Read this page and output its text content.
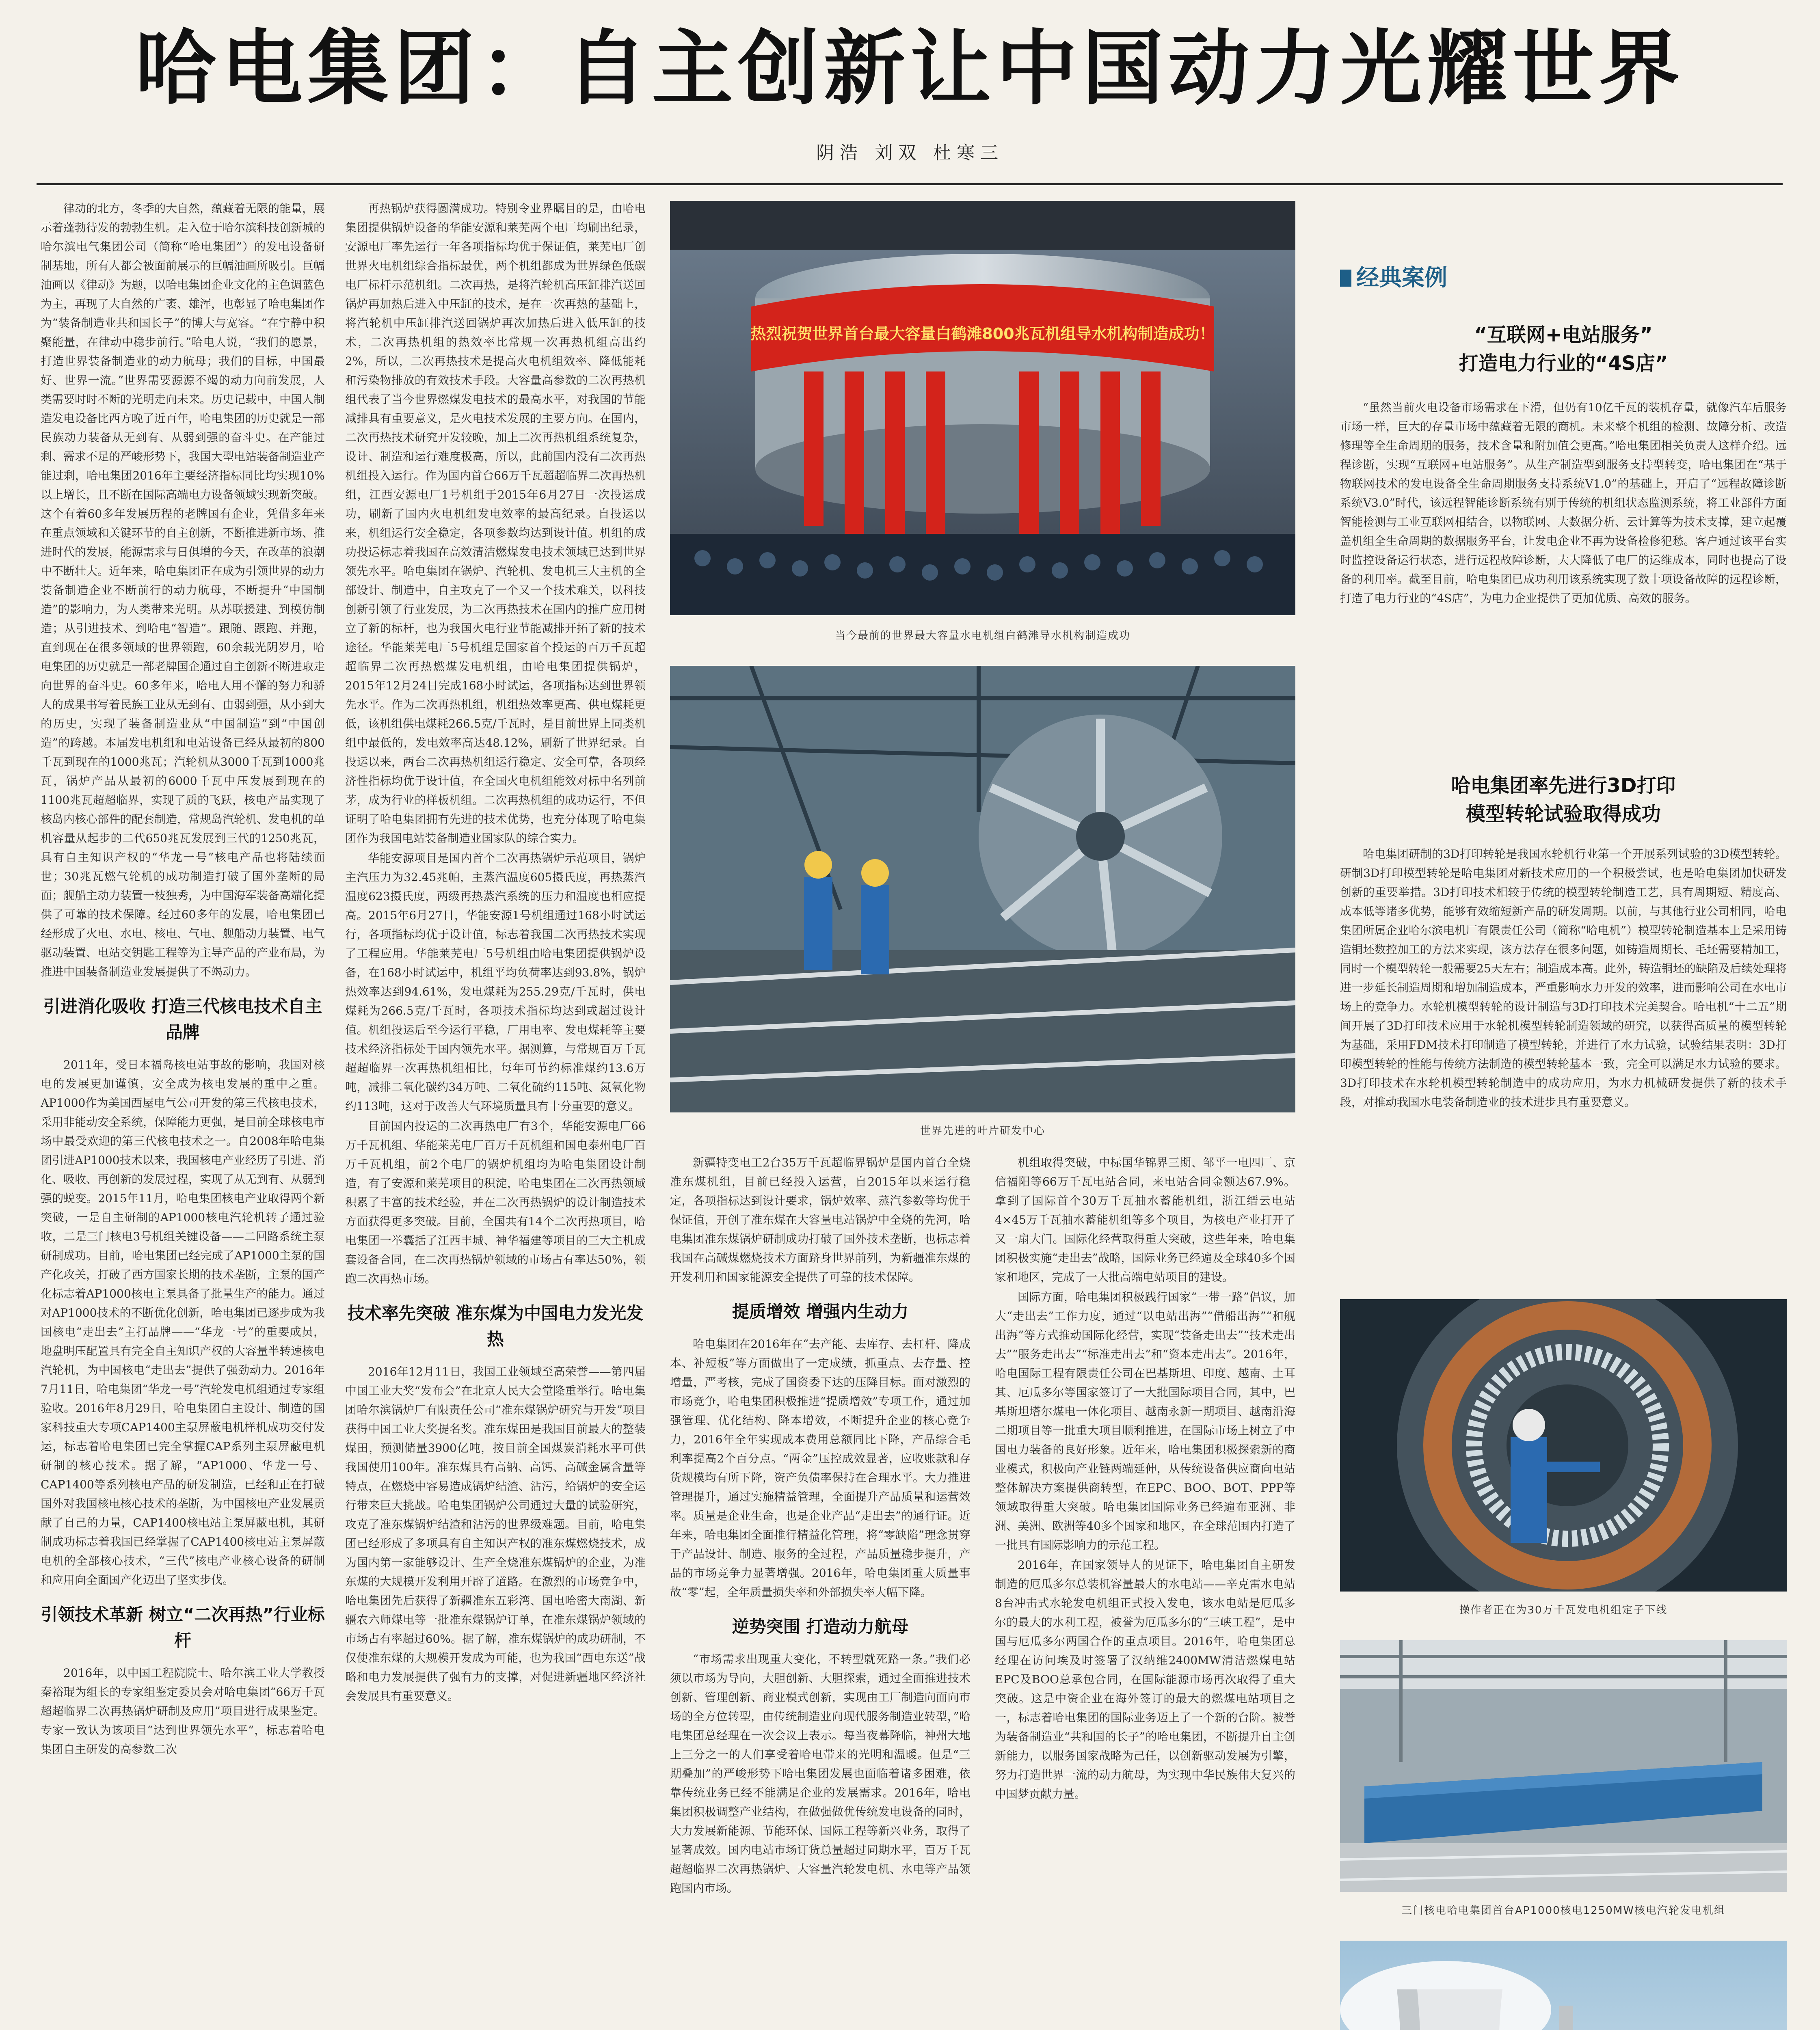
哈电集团：自主创新让中国动力光耀世界
阴浩 刘双 杜寒三

律动的北方，冬季的大自然，蕴藏着无限的能量，展示着蓬勃待发的勃勃生机。走入位于哈尔滨科技创新城的哈尔滨电气集团公司（简称“哈电集团”）的发电设备研制基地，所有人都会被面前展示的巨幅油画所吸引。巨幅油画以《律动》为题，以哈电集团企业文化的主色调蓝色为主，再现了大自然的广袤、雄浑，也彰显了哈电集团作为“装备制造业共和国长子”的博大与宽容。“在宁静中积聚能量，在律动中稳步前行。”哈电人说，“我们的愿景，打造世界装备制造业的动力航母；我们的目标，中国最好、世界一流。”世界需要源源不竭的动力向前发展，人类需要时时不断的光明走向未来。历史记载中，中国人制造发电设备比西方晚了近百年，哈电集团的历史就是一部民族动力装备从无到有、从弱到强的奋斗史。在产能过剩、需求不足的严峻形势下，我国大型电站装备制造业产能过剩，哈电集团2016年主要经济指标同比均实现10%以上增长，且不断在国际高端电力设备领域实现新突破。这个有着60多年发展历程的老牌国有企业，凭借多年来在重点领域和关键环节的自主创新，不断推进新市场、推进时代的发展，能源需求与日俱增的今天，在改革的浪潮中不断壮大。近年来，哈电集团正在成为引领世界的动力装备制造企业不断前行的动力航母，不断提升“中国制造”的影响力，为人类带来光明。从苏联援建、到模仿制造；从引进技术、到哈电“智造”。跟随、跟跑、并跑，直到现在在很多领域的世界领跑，60余载光阴岁月，哈电集团的历史就是一部老牌国企通过自主创新不断进取走向世界的奋斗史。60多年来，哈电人用不懈的努力和骄人的成果书写着民族工业从无到有、由弱到强，从小到大的历史，实现了装备制造业从“中国制造”到“中国创造”的跨越。本届发电机组和电站设备已经从最初的800千瓦到现在的1000兆瓦；汽轮机从3000千瓦到1000兆瓦，锅炉产品从最初的6000千瓦中压发展到现在的1100兆瓦超超临界，实现了质的飞跃，核电产品实现了核岛内核心部件的配套制造，常规岛汽轮机、发电机的单机容量从起步的二代650兆瓦发展到三代的1250兆瓦，具有自主知识产权的“华龙一号”核电产品也将陆续面世；30兆瓦燃气轮机的成功制造打破了国外垄断的局面；舰船主动力装置一枝独秀，为中国海军装备高端化提供了可靠的技术保障。经过60多年的发展，哈电集团已经形成了火电、水电、核电、气电、舰船动力装置、电气驱动装置、电站交钥匙工程等为主导产品的产业布局，为推进中国装备制造业发展提供了不竭动力。

引进消化吸收 打造三代核电技术自主品牌

2011年，受日本福岛核电站事故的影响，我国对核电的发展更加谨慎，安全成为核电发展的重中之重。AP1000作为美国西屋电气公司开发的第三代核电技术，采用非能动安全系统，保障能力更强，是目前全球核电市场中最受欢迎的第三代核电技术之一。自2008年哈电集团引进AP1000技术以来，我国核电产业经历了引进、消化、吸收、再创新的发展过程，实现了从无到有、从弱到强的蜕变。2015年11月，哈电集团核电产业取得两个新突破，一是自主研制的AP1000核电汽轮机转子通过验收，二是三门核电3号机组关键设备——二回路系统主泵研制成功。目前，哈电集团已经完成了AP1000主泵的国产化攻关，打破了西方国家长期的技术垄断，主泵的国产化标志着AP1000核电主泵具备了批量生产的能力。通过对AP1000技术的不断优化创新，哈电集团已逐步成为我国核电“走出去”主打品牌——“华龙一号”的重要成员，地盘明压配置具有完全自主知识产权的大容量半转速核电汽轮机，为中国核电“走出去”提供了强劲动力。2016年7月11日，哈电集团“华龙一号”汽轮发电机组通过专家组验收。2016年8月29日，哈电集团自主设计、制造的国家科技重大专项CAP1400主泵屏蔽电机样机成功交付发运，标志着哈电集团已完全掌握CAP系列主泵屏蔽电机研制的核心技术。据了解，“AP1000、华龙一号、CAP1400等系列核电产品的研发制造，已经和正在打破国外对我国核电核心技术的垄断，为中国核电产业发展贡献了自己的力量，CAP1400核电站主泵屏蔽电机，其研制成功标志着我国已经掌握了CAP1400核电站主泵屏蔽电机的全部核心技术，“三代”核电产业核心设备的研制和应用向全面国产化迈出了坚实步伐。

引领技术革新 树立“二次再热”行业标杆

2016年，以中国工程院院士、哈尔滨工业大学教授秦裕琨为组长的专家组鉴定委员会对哈电集团“66万千瓦超超临界二次再热锅炉研制及应用”项目进行成果鉴定。专家一致认为该项目“达到世界领先水平”，标志着哈电集团自主研发的高参数二次

再热锅炉获得圆满成功。特别令业界瞩目的是，由哈电集团提供锅炉设备的华能安源和莱芜两个电厂均刷出纪录，安源电厂率先运行一年各项指标均优于保证值，莱芜电厂创世界火电机组综合指标最优，两个机组都成为世界绿色低碳电厂标杆示范机组。二次再热，是将汽轮机高压缸排汽送回锅炉再加热后进入中压缸的技术，是在一次再热的基础上，将汽轮机中压缸排汽送回锅炉再次加热后进入低压缸的技术，二次再热机组的热效率比常规一次再热机组高出约2%，所以，二次再热技术是提高火电机组效率、降低能耗和污染物排放的有效技术手段。大容量高参数的二次再热机组代表了当今世界燃煤发电技术的最高水平，对我国的节能减排具有重要意义，是火电技术发展的主要方向。在国内，二次再热技术研究开发较晚，加上二次再热机组系统复杂，设计、制造和运行难度极高，所以，此前国内没有二次再热机组投入运行。作为国内首台66万千瓦超超临界二次再热机组，江西安源电厂1号机组于2015年6月27日一次投运成功，刷新了国内火电机组发电效率的最高纪录。自投运以来，机组运行安全稳定，各项参数均达到设计值。机组的成功投运标志着我国在高效清洁燃煤发电技术领域已达到世界领先水平。哈电集团在锅炉、汽轮机、发电机三大主机的全部设计、制造中，自主攻克了一个又一个技术难关，以科技创新引领了行业发展，为二次再热技术在国内的推广应用树立了新的标杆，也为我国火电行业节能减排开拓了新的技术途径。华能莱芜电厂5号机组是国家首个投运的百万千瓦超超临界二次再热燃煤发电机组，由哈电集团提供锅炉，2015年12月24日完成168小时试运，各项指标达到世界领先水平。作为二次再热机组，机组热效率更高、供电煤耗更低，该机组供电煤耗266.5克/千瓦时，是目前世界上同类机组中最低的，发电效率高达48.12%，刷新了世界纪录。自投运以来，两台二次再热机组运行稳定、安全可靠，各项经济性指标均优于设计值，在全国火电机组能效对标中名列前茅，成为行业的样板机组。二次再热机组的成功运行，不但证明了哈电集团拥有先进的技术优势，也充分体现了哈电集团作为我国电站装备制造业国家队的综合实力。

华能安源项目是国内首个二次再热锅炉示范项目，锅炉主汽压力为32.45兆帕，主蒸汽温度605摄氏度，再热蒸汽温度623摄氏度，两级再热蒸汽系统的压力和温度也相应提高。2015年6月27日，华能安源1号机组通过168小时试运行，各项指标均优于设计值，标志着我国二次再热技术实现了工程应用。华能莱芜电厂5号机组由哈电集团提供锅炉设备，在168小时试运中，机组平均负荷率达到93.8%，锅炉热效率达到94.61%，发电煤耗为255.29克/千瓦时，供电煤耗为266.5克/千瓦时，各项技术指标均达到或超过设计值。机组投运后至今运行平稳，厂用电率、发电煤耗等主要技术经济指标处于国内领先水平。据测算，与常规百万千瓦超超临界一次再热机组相比，每年可节约标准煤约13.6万吨，减排二氧化碳约34万吨、二氧化硫约115吨、氮氧化物约113吨，这对于改善大气环境质量具有十分重要的意义。

目前国内投运的二次再热电厂有3个，华能安源电厂66万千瓦机组、华能莱芜电厂百万千瓦机组和国电泰州电厂百万千瓦机组，前2个电厂的锅炉机组均为哈电集团设计制造，有了安源和莱芜项目的积淀，哈电集团在二次再热领域积累了丰富的技术经验，并在二次再热锅炉的设计制造技术方面获得更多突破。目前，全国共有14个二次再热项目，哈电集团一举囊括了江西丰城、神华福建等项目的三大主机成套设备合同，在二次再热锅炉领域的市场占有率达50%，领跑二次再热市场。

技术率先突破 准东煤为中国电力发光发热

2016年12月11日，我国工业领域至高荣誉——第四届中国工业大奖“发布会”在北京人民大会堂隆重举行。哈电集团哈尔滨锅炉厂有限责任公司“准东煤锅炉研究与开发”项目获得中国工业大奖提名奖。准东煤田是我国目前最大的整装煤田，预测储量3900亿吨，按目前全国煤炭消耗水平可供我国使用100年。准东煤具有高钠、高钙、高碱金属含量等特点，在燃烧中容易造成锅炉结渣、沾污，给锅炉的安全运行带来巨大挑战。哈电集团锅炉公司通过大量的试验研究，攻克了准东煤锅炉结渣和沾污的世界级难题。目前，哈电集团已经形成了多项具有自主知识产权的准东煤燃烧技术，成为国内第一家能够设计、生产全烧准东煤锅炉的企业，为准东煤的大规模开发利用开辟了道路。在激烈的市场竞争中，哈电集团先后获得了新疆准东五彩湾、国电哈密大南湖、新疆农六师煤电等一批准东煤锅炉订单，在准东煤锅炉领域的市场占有率超过60%。据了解，准东煤锅炉的成功研制，不仅使准东煤的大规模开发成为可能，也为我国“西电东送”战略和电力发展提供了强有力的支撑，对促进新疆地区经济社会发展具有重要意义。

热烈祝贺世界首台最大容量白鹤滩800兆瓦机组导水机构制造成功！
当今最前的世界最大容量水电机组白鹤滩导水机构制造成功
世界先进的叶片研发中心

新疆特变电工2台35万千瓦超临界锅炉是国内首台全烧准东煤机组，目前已经投入运营，自2015年以来运行稳定，各项指标达到设计要求，锅炉效率、蒸汽参数等均优于保证值，开创了准东煤在大容量电站锅炉中全烧的先河，哈电集团准东煤锅炉研制成功打破了国外技术垄断，也标志着我国在高碱煤燃烧技术方面跻身世界前列，为新疆准东煤的开发利用和国家能源安全提供了可靠的技术保障。

提质增效 增强内生动力

哈电集团在2016年在“去产能、去库存、去杠杆、降成本、补短板”等方面做出了一定成绩，抓重点、去存量、控增量，严考核，完成了国资委下达的压降目标。面对激烈的市场竞争，哈电集团积极推进“提质增效”专项工作，通过加强管理、优化结构、降本增效，不断提升企业的核心竞争力，2016年全年实现成本费用总额同比下降，产品综合毛利率提高2个百分点。“两金”压控成效显著，应收账款和存货规模均有所下降，资产负债率保持在合理水平。大力推进管理提升，通过实施精益管理，全面提升产品质量和运营效率。质量是企业生命，也是企业产品“走出去”的通行证。近年来，哈电集团全面推行精益化管理，将“零缺陷”理念贯穿于产品设计、制造、服务的全过程，产品质量稳步提升，产品的市场竞争力显著增强。2016年，哈电集团重大质量事故“零”起，全年质量损失率和外部损失率大幅下降。

逆势突围 打造动力航母

“市场需求出现重大变化，不转型就死路一条。”我们必须以市场为导向，大胆创新、大胆探索，通过全面推进技术创新、管理创新、商业模式创新，实现由工厂制造向面向市场的全方位转型，由传统制造业向现代服务制造业转型，”哈电集团总经理在一次会议上表示。每当夜幕降临，神州大地上三分之一的人们享受着哈电带来的光明和温暖。但是“三期叠加”的严峻形势下哈电集团发展也面临着诸多困难，依靠传统业务已经不能满足企业的发展需求。2016年，哈电集团积极调整产业结构，在做强做优传统发电设备的同时，大力发展新能源、节能环保、国际工程等新兴业务，取得了显著成效。国内电站市场订货总量超过同期水平，百万千瓦超超临界二次再热锅炉、大容量汽轮发电机、水电等产品领跑国内市场。

机组取得突破，中标国华锦界三期、邹平一电四厂、京信福阳等66万千瓦电站合同，来电站合同金额达67.9%。拿到了国际首个30万千瓦抽水蓄能机组，浙江缙云电站4×45万千瓦抽水蓄能机组等多个项目，为核电产业打开了又一扇大门。国际化经营取得重大突破，这些年来，哈电集团积极实施“走出去”战略，国际业务已经遍及全球40多个国家和地区，完成了一大批高端电站项目的建设。

国际方面，哈电集团积极践行国家“一带一路”倡议，加大“走出去”工作力度，通过“以电站出海”“借船出海”“和舰出海”等方式推动国际化经营，实现“装备走出去”“技术走出去”“服务走出去”“标准走出去”和“资本走出去”。2016年，哈电国际工程有限责任公司在巴基斯坦、印度、越南、土耳其、厄瓜多尔等国家签订了一大批国际项目合同，其中，巴基斯坦塔尔煤电一体化项目、越南永新一期项目、越南沿海二期项目等一批重大项目顺利推进，在国际市场上树立了中国电力装备的良好形象。近年来，哈电集团积极探索新的商业模式，积极向产业链两端延伸，从传统设备供应商向电站整体解决方案提供商转型，在EPC、BOO、BOT、PPP等领域取得重大突破。哈电集团国际业务已经遍布亚洲、非洲、美洲、欧洲等40多个国家和地区，在全球范围内打造了一批具有国际影响力的示范工程。

2016年，在国家领导人的见证下，哈电集团自主研发制造的厄瓜多尔总装机容量最大的水电站——辛克雷水电站8台冲击式水轮发电机组正式投入发电，该水电站是厄瓜多尔的最大的水利工程，被誉为厄瓜多尔的“三峡工程”，是中国与厄瓜多尔两国合作的重点项目。2016年，哈电集团总经理在访问埃及时签署了汉纳维2400MW清洁燃煤电站EPC及BOO总承包合同，在国际能源市场再次取得了重大突破。这是中资企业在海外签订的最大的燃煤电站项目之一，标志着哈电集团的国际业务迈上了一个新的台阶。被誉为装备制造业“共和国的长子”的哈电集团，不断提升自主创新能力，以服务国家战略为己任，以创新驱动发展为引擎，努力打造世界一流的动力航母，为实现中华民族伟大复兴的中国梦贡献力量。

经典案例
“互联网+电站服务”
打造电力行业的“4S店”

“虽然当前火电设备市场需求在下滑，但仍有10亿千瓦的装机存量，就像汽车后服务市场一样，巨大的存量市场中蕴藏着无限的商机。未来整个机组的检测、故障分析、改造修理等全生命周期的服务，技术含量和附加值会更高。”哈电集团相关负责人这样介绍。远程诊断，实现“互联网+电站服务”。从生产制造型到服务支持型转变，哈电集团在“基于物联网技术的发电设备全生命周期服务支持系统V1.0”的基础上，开启了“远程故障诊断系统V3.0”时代，该远程智能诊断系统有别于传统的机组状态监测系统，将工业部件方面智能检测与工业互联网相结合，以物联网、大数据分析、云计算等为技术支撑，建立起覆盖机组全生命周期的数据服务平台，让发电企业不再为设备检修犯愁。客户通过该平台实时监控设备运行状态，进行远程故障诊断，大大降低了电厂的运维成本，同时也提高了设备的利用率。截至目前，哈电集团已成功利用该系统实现了数十项设备故障的远程诊断，打造了电力行业的“4S店”，为电力企业提供了更加优质、高效的服务。

哈电集团率先进行3D打印
模型转轮试验取得成功

哈电集团研制的3D打印转轮是我国水轮机行业第一个开展系列试验的3D模型转轮。研制3D打印模型转轮是哈电集团对新技术应用的一个积极尝试，也是哈电集团加快研发创新的重要举措。3D打印技术相较于传统的模型转轮制造工艺，具有周期短、精度高、成本低等诸多优势，能够有效缩短新产品的研发周期。以前，与其他行业公司相同，哈电集团所属企业哈尔滨电机厂有限责任公司（简称“哈电机”）模型转轮制造基本上是采用铸造铜坯数控加工的方法来实现，该方法存在很多问题，如铸造周期长、毛坯需要精加工，同时一个模型转轮一般需要25天左右；制造成本高。此外，铸造铜坯的缺陷及后续处理将进一步延长制造周期和增加制造成本，严重影响水力开发的效率，进而影响公司在水电市场上的竞争力。水轮机模型转轮的设计制造与3D打印技术完美契合。哈电机“十二五”期间开展了3D打印技术应用于水轮机模型转轮制造领域的研究，以获得高质量的模型转轮为基础，采用FDM技术打印制造了模型转轮，并进行了水力试验，试验结果表明：3D打印模型转轮的性能与传统方法制造的模型转轮基本一致，完全可以满足水力试验的要求。3D打印技术在水轮机模型转轮制造中的成功应用，为水力机械研发提供了新的技术手段，对推动我国水电装备制造业的技术进步具有重要意义。

操作者正在为30万千瓦发电机组定子下线
三门核电哈电集团首台AP1000核电1250MW核电汽轮发电机组
